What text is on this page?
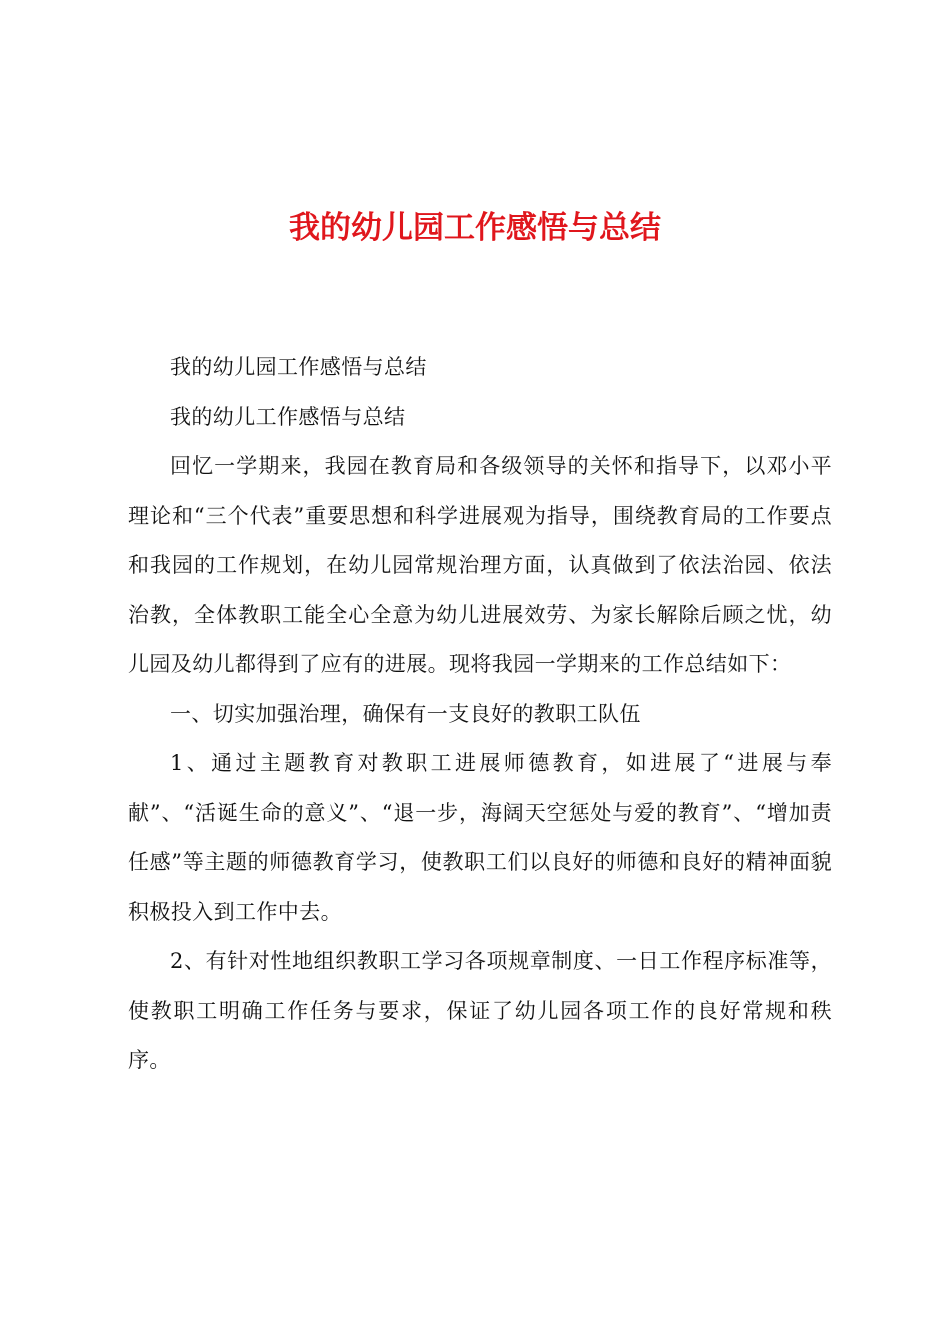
我的幼儿园工作感悟与总结

我的幼儿园工作感悟与总结

我的幼儿工作感悟与总结

回忆一学期来，我园在教育局和各级领导的关怀和指导下，以邓小平理论和“三个代表”重要思想和科学进展观为指导，围绕教育局的工作要点和我园的工作规划，在幼儿园常规治理方面，认真做到了依法治园、依法治教，全体教职工能全心全意为幼儿进展效劳、为家长解除后顾之忧，幼儿园及幼儿都得到了应有的进展。现将我园一学期来的工作总结如下：

一、切实加强治理，确保有一支良好的教职工队伍

1、通过主题教育对教职工进展师德教育，如进展了“进展与奉献”、“活诞生命的意义”、“退一步，海阔天空惩处与爱的教育”、“增加责任感”等主题的师德教育学习，使教职工们以良好的师德和良好的精神面貌积极投入到工作中去。

2、有针对性地组织教职工学习各项规章制度、一日工作程序标准等，使教职工明确工作任务与要求，保证了幼儿园各项工作的良好常规和秩序。
